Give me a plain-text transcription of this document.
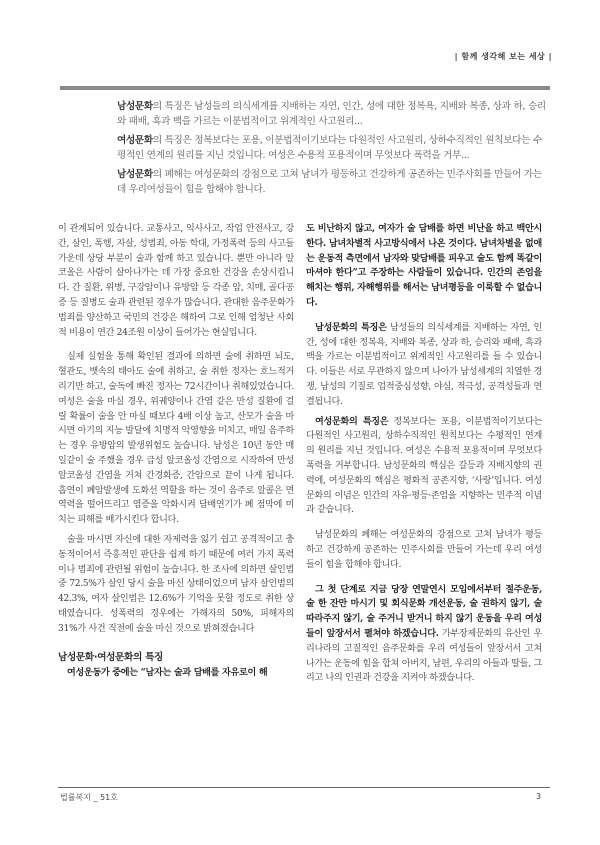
| 함께 생각해 보는 세상 |

남성문화의 특징은 남성들의 의식세계를 지배하는 자연, 인간, 성에 대한 정복욕, 지배와 복종, 상과 하, 승리와 패배, 흑과 백을 가르는 이분법적이고 위계적인 사고원리...

여성문화의 특징은 정복보다는 포용, 이분법적이기보다는 다원적인 사고원리, 상하수직적인 원칙보다는 수평적인 연계의 원리를 지닌 것입니다. 여성은 수용적 포용적이며 무엇보다 폭력을 거부...

남성문화의 폐해는 여성문화의 강점으로 고쳐 남녀가 평등하고 건강하게 공존하는 민주사회를 만들어 가는데 우리여성들이 힘을 합해야 합니다.

이 관계되어 있습니다. 교통사고, 익사사고, 작업 안전사고, 강간, 살인, 폭행, 자살, 성범죄, 아동 학대, 가정폭력 등의 사고들 가운데 상당 부분이 술과 함께 하고 있습니다. 뿐만 아니라 알코올은 사람이 살아나가는 데 가장 중요한 건강을 손상시킵니다. 간 질환, 위병, 구강암이나 유방암 등 각종 암, 치매, 골다공증 등 질병도 술과 관련된 경우가 많습니다. 관대한 음주문화가 범죄를 양산하고 국민의 건강은 해하여 그로 인해 엄청난 사회적 비용이 연간 24조원 이상이 들어가는 현실입니다.

실제 실험을 통해 확인된 결과에 의하면 술에 취하면 뇌도, 혈관도, 뱃속의 태아도 술에 취하고, 술 취한 정자는 흐느적거리기만 하고, 술독에 빠진 정자는 72시간이나 취해있었습니다. 여성은 술을 마실 경우, 위궤양이나 간염 같은 만성 질환에 걸릴 확률이 술을 안 마실 때보다 4배 이상 높고, 산모가 술을 마시면 아기의 지능 발달에 치명적 악영향을 미치고, 매일 음주하는 경우 유방암의 발생위험도 높습니다. 남성은 10년 동안 매일같이 술 주했을 경우 급성 알코올성 간염으로 시작하여 만성 알코올성 간염을 거쳐 간경화증, 간암으로 끝이 나게 됩니다. 흡연이 폐암발생에 도화선 역할을 하는 것이 음주로 알콜은 면역력을 떨어뜨리고 염증을 악화시켜 담배연기가 폐 점막에 미치는 피해를 배가시킨다 합니다.

술을 마시면 자신에 대한 자제력을 잃기 쉽고 공격적이고 충동적이어서 즉흥적인 판단을 쉽게 하기 때문에 여러 가지 폭력이나 범죄에 관련될 위험이 높습니다. 한 조사에 의하면 살인범 중 72.5%가 살인 당시 술을 마신 상태이었으며 남자 살인범의 42.3%, 여자 살인범은 12.6%가 기억을 못할 정도로 취한 상태였습니다. 성폭력의 경우에는 가해자의 50%, 피해자의 31%가 사건 직전에 술을 마신 것으로 밝혀졌습니다

남성문화·여성문화의 특징

여성운동가 중에는 “남자는 술과 담배를 자유로이 해

도 비난하지 않고, 여자가 술 담배를 하면 비난을 하고 백안시한다. 남녀차별적 사고방식에서 나온 것이다. 남녀차별을 없애는 운동적 측면에서 남자와 맞담배를 피우고 술도 함께 똑같이 마셔야 한다”고 주장하는 사람들이 있습니다. 인간의 존엄을 해치는 행위, 자해행위를 해서는 남녀평등을 이룩할 수 없습니다.

남성문화의 특징은 남성들의 의식세계를 지배하는 자연, 인간, 성에 대한 정복욕, 지배와 복종, 상과 하, 승리와 패배, 흑과 백을 가르는 이분법적이고 위계적인 사고원리를 들 수 있습니다. 이들은 서로 무관하지 않으며 나아가 남성세계의 치열한 경쟁, 남성의 기질로 업적중심성향, 야심, 적극성, 공격성들과 연결됩니다.

여성문화의 특징은 정복보다는 포용, 이분법적이기보다는 다원적인 사고원리, 상하수직적인 원칙보다는 수평적인 연계의 원리를 지닌 것입니다. 여성은 수용적 포용적이며 무엇보다 폭력을 거부합니다. 남성문화의 핵심은 갈등과 지배지향의 권력에, 여성문화의 핵심은 평화적 공존지향, ‘사랑’입니다. 여성문화의 이념은 인간의 자유·평등·존엄을 지향하는 민주적 이념과 같습니다.

남성문화의 폐해는 여성문화의 강점으로 고쳐 남녀가 평등하고 건강하게 공존하는 민주사회를 만들어 가는데 우리 여성들이 힘을 합해야 합니다.

그 첫 단계로 지금 당장 연말연시 모임에서부터 절주운동, 술 한 잔만 마시기 및 회식문화 개선운동, 술 권하지 않기, 술 따라주지 않기, 술 주거니 받거니 하지 않기 운동을 우리 여성들이 앞장서서 펼쳐야 하겠습니다. 가부장제문화의 유산인 우리나라의 고질적인 음주문화를 우리 여성들이 앞장서서 고쳐나가는 운동에 힘을 합쳐 아버지, 남편, 우리의 아들과 딸들, 그리고 나의 인권과 건강을 지켜야 하겠습니다.

법률복지 _ 51호	3
